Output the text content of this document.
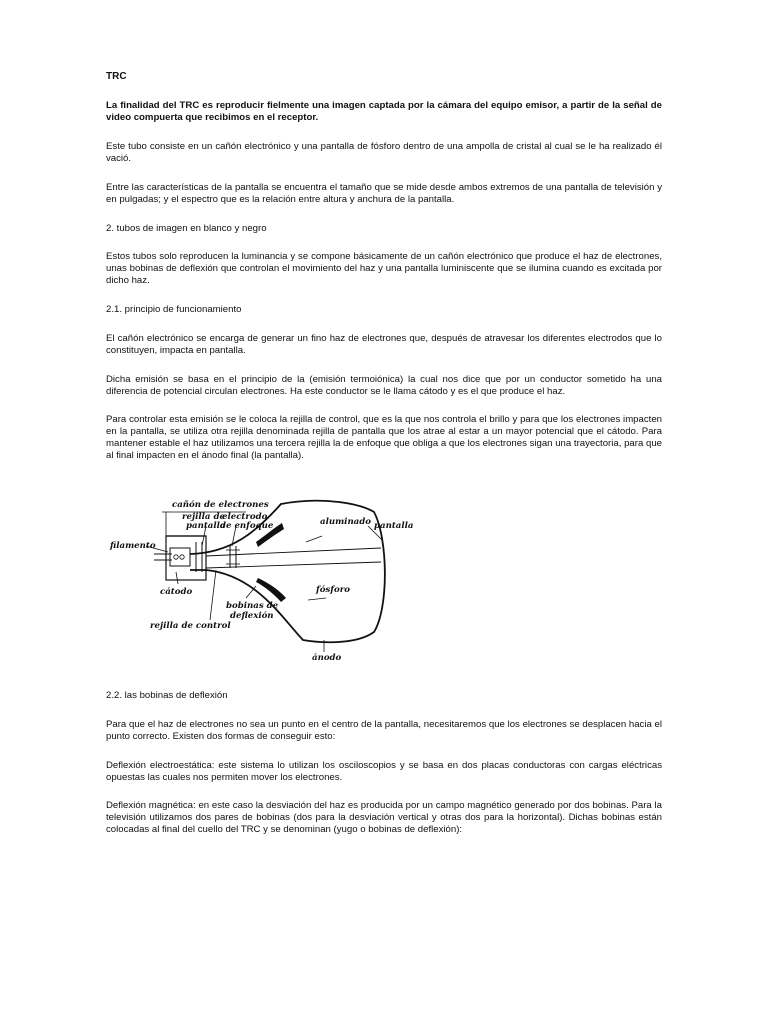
TRC

La finalidad del TRC es reproducir fielmente una imagen captada por la cámara del equipo emisor, a partir de la señal de video compuerta que recibimos en el receptor.

Este tubo consiste en un cañón electrónico y una pantalla de fósforo dentro de una ampolla de cristal al cual se le ha realizado él vació.

Entre las características de la pantalla se encuentra el tamaño que se mide desde ambos extremos de una pantalla de televisión y en pulgadas; y el espectro que es la relación entre altura y anchura de la pantalla.

2. tubos de imagen en blanco y negro

Estos tubos solo reproducen la luminancia y se compone básicamente de un cañón electrónico que produce el haz de electrones, unas bobinas de deflexión que controlan el movimiento del haz y una pantalla luminiscente que se ilumina cuando es excitada por dicho haz.

2.1. principio de funcionamiento

El cañón electrónico se encarga de generar un fino haz de electrones que, después de atravesar los diferentes electrodos que lo constituyen, impacta en pantalla.

Dicha emisión se basa en el principio de la (emisión termoiónica) la cual nos dice que por un conductor sometido ha una diferencia de potencial circulan electrones. Ha este conductor se le llama cátodo y es el que produce el haz.

Para controlar esta emisión se le coloca la rejilla de control, que es la que nos controla el brillo y para que los electrones impacten en la pantalla, se utiliza otra rejilla denominada rejilla de pantalla que los atrae al estar a un mayor potencial que el cátodo. Para mantener estable el haz utilizamos una tercera rejilla la de enfoque que obliga a que los electrones sigan una trayectoria, para que al final impacten en el ánodo final (la pantalla).

cañón de electrones
rejilla de
pantalla
electrodo
de enfoque
filamento
aluminado pantalla
cátodo
bobinas de
deflexión
fósforo
rejilla de control
ánodo

2.2. las bobinas de deflexión

Para que el haz de electrones no sea un punto en el centro de la pantalla, necesitaremos que los electrones se desplacen hacia el punto correcto. Existen dos formas de conseguir esto:

Deflexión electroestática: este sistema lo utilizan los osciloscopios y se basa en dos placas conductoras con cargas eléctricas opuestas las cuales nos permiten mover los electrones.

Deflexión magnética: en este caso la desviación del haz es producida por un campo magnético generado por dos bobinas. Para la televisión utilizamos dos pares de bobinas (dos para la desviación vertical y otras dos para la horizontal). Dichas bobinas están colocadas al final del cuello del TRC y se denominan (yugo o bobinas de deflexión):
